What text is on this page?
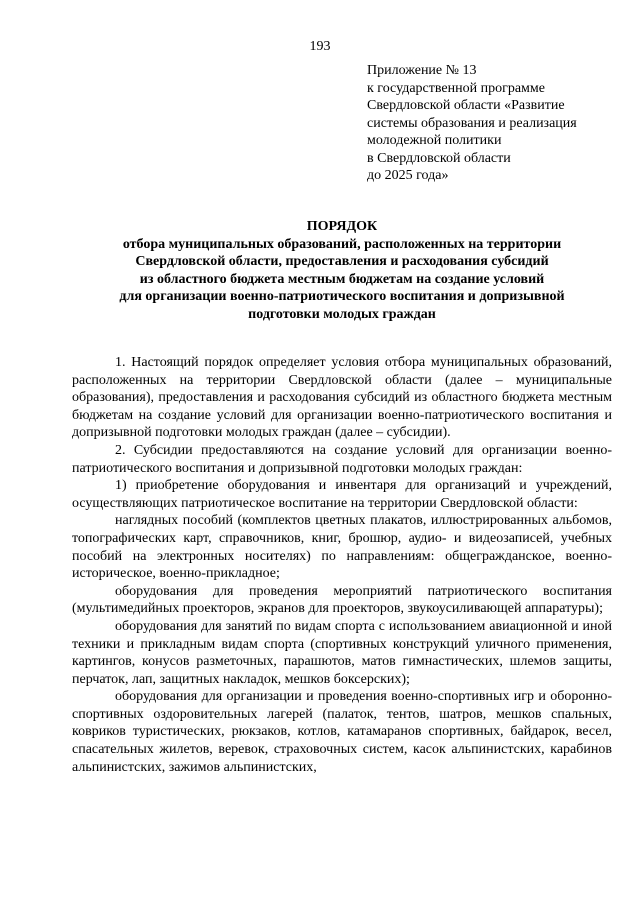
193
Приложение № 13
к государственной программе
Свердловской области «Развитие
системы образования и реализация
молодежной политики
в Свердловской области
до 2025 года»
ПОРЯДОК
отбора муниципальных образований, расположенных на территории
Свердловской области, предоставления и расходования субсидий
из областного бюджета местным бюджетам на создание условий
для организации военно-патриотического воспитания и допризывной
подготовки молодых граждан

1. Настоящий порядок определяет условия отбора муниципальных образований, расположенных на территории Свердловской области (далее – муниципальные образования), предоставления и расходования субсидий из областного бюджета местным бюджетам на создание условий для организации военно-патриотического воспитания и допризывной подготовки молодых граждан (далее – субсидии).

2. Субсидии предоставляются на создание условий для организации военно-патриотического воспитания и допризывной подготовки молодых граждан:

1) приобретение оборудования и инвентаря для организаций и учреждений, осуществляющих патриотическое воспитание на территории Свердловской области:

наглядных пособий (комплектов цветных плакатов, иллюстрированных альбомов, топографических карт, справочников, книг, брошюр, аудио- и видеозаписей, учебных пособий на электронных носителях) по направлениям: общегражданское, военно-историческое, военно-прикладное;

оборудования для проведения мероприятий патриотического воспитания (мультимедийных проекторов, экранов для проекторов, звукоусиливающей аппаратуры);

оборудования для занятий по видам спорта с использованием авиационной и иной техники и прикладным видам спорта (спортивных конструкций уличного применения, картингов, конусов разметочных, парашютов, матов гимнастических, шлемов защиты, перчаток, лап, защитных накладок, мешков боксерских);

оборудования для организации и проведения военно-спортивных игр и оборонно-спортивных оздоровительных лагерей (палаток, тентов, шатров, мешков спальных, ковриков туристических, рюкзаков, котлов, катамаранов спортивных, байдарок, весел, спасательных жилетов, веревок, страховочных систем, касок альпинистских, карабинов альпинистских, зажимов альпинистских,
